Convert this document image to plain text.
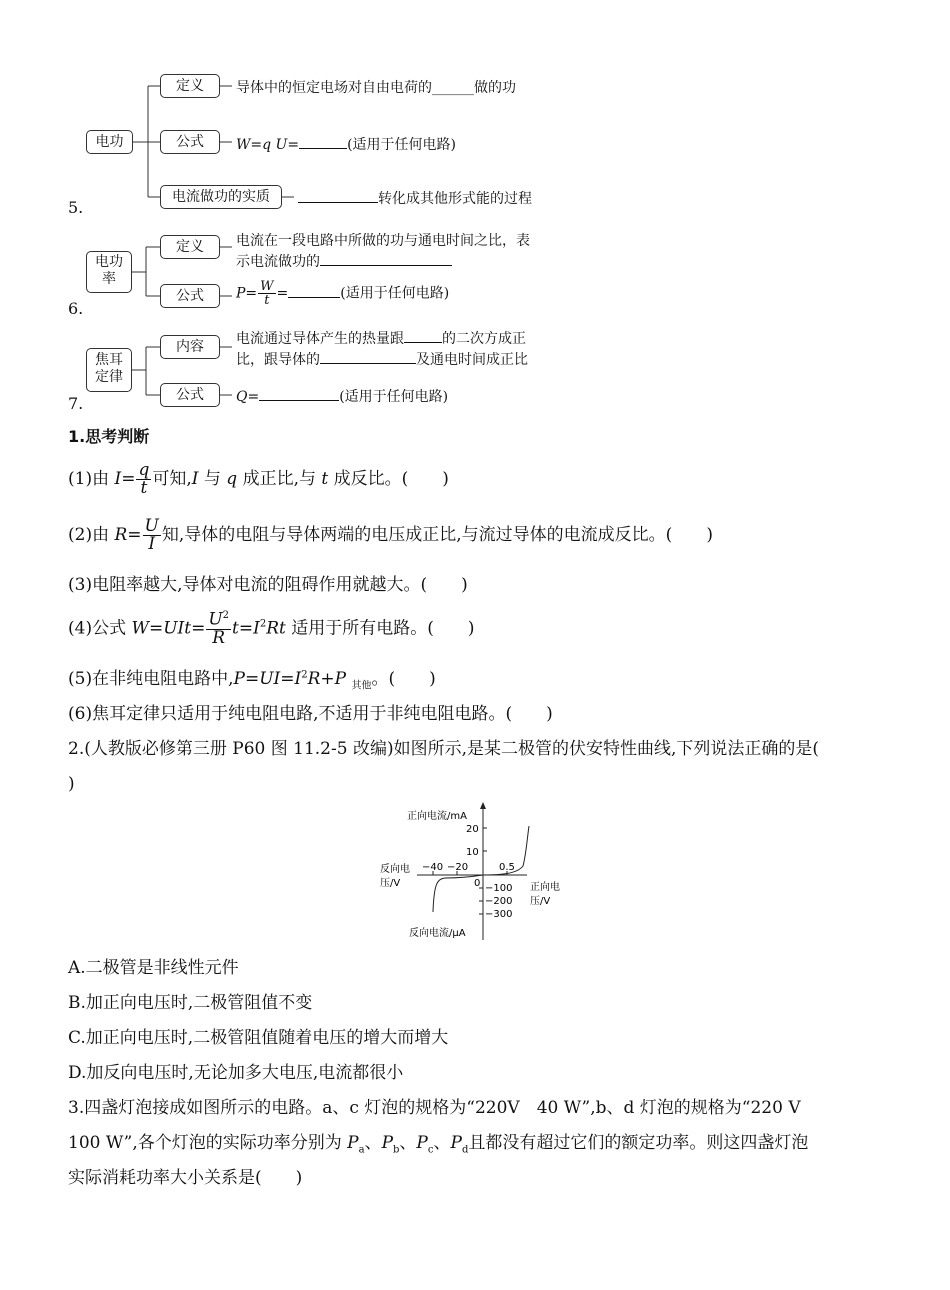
5.
电功
定义	导体中的恒定电场对自由电荷的______做的功
公式	W=q U=	(适用于任何电路)
电流做功的实质	转化成其他形式能的过程
6.
电功
率
定义	电流在一段电路中所做的功与通电时间之比，表
示电流做功的
公式	$P= \frac{W}{t}$ =	(适用于任何电路)
7.
焦耳
定律
内容	电流通过导体产生的热量跟	的二次方成正
比，跟导体的	及通电时间成正比
公式	Q=	(适用于任何电路)
1.思考判断
(1)由 $I= \frac{q}{t}$ 可知,I 与 q 成正比,与 t 成反比。(　　)
(2)由 $R= \frac{U}{I}$ 知,导体的电阻与导体两端的电压成正比,与流过导体的电流成反比。(　　)
(3)电阻率越大,导体对电流的阻碍作用就越大。(　　)
(4)公式 $W=UIt= \frac{U^2}{R} t=I^2Rt$ 适用于所有电路。(　　)
(5)在非纯电阻电路中$,P=UI=I^2R+P$ $_{其他}$。(　　)
(6)焦耳定律只适用于纯电阻电路,不适用于非纯电阻电路。(　　)
2.(人教版必修第三册 P60 图 11.2-5 改编)如图所示,是某二极管的伏安特性曲线,下列说法正确的是(
)
正向电流/mA
反向电流/μA
反向电
压/V	正向电
压/V
20
10
−40 −20	0.5
0 −100
−200
−300
A.二极管是非线性元件
B.加正向电压时,二极管阻值不变
C.加正向电压时,二极管阻值随着电压的增大而增大
D.加反向电压时,无论加多大电压,电流都很小
3.四盏灯泡接成如图所示的电路。a、c 灯泡的规格为“220V　40 W”,b、d 灯泡的规格为“220 V
100 W”,各个灯泡的实际功率分别为 $P_a$、$P_b$、$P_c$、$P_d$且都没有超过它们的额定功率。则这四盏灯泡
实际消耗功率大小关系是(　　)
